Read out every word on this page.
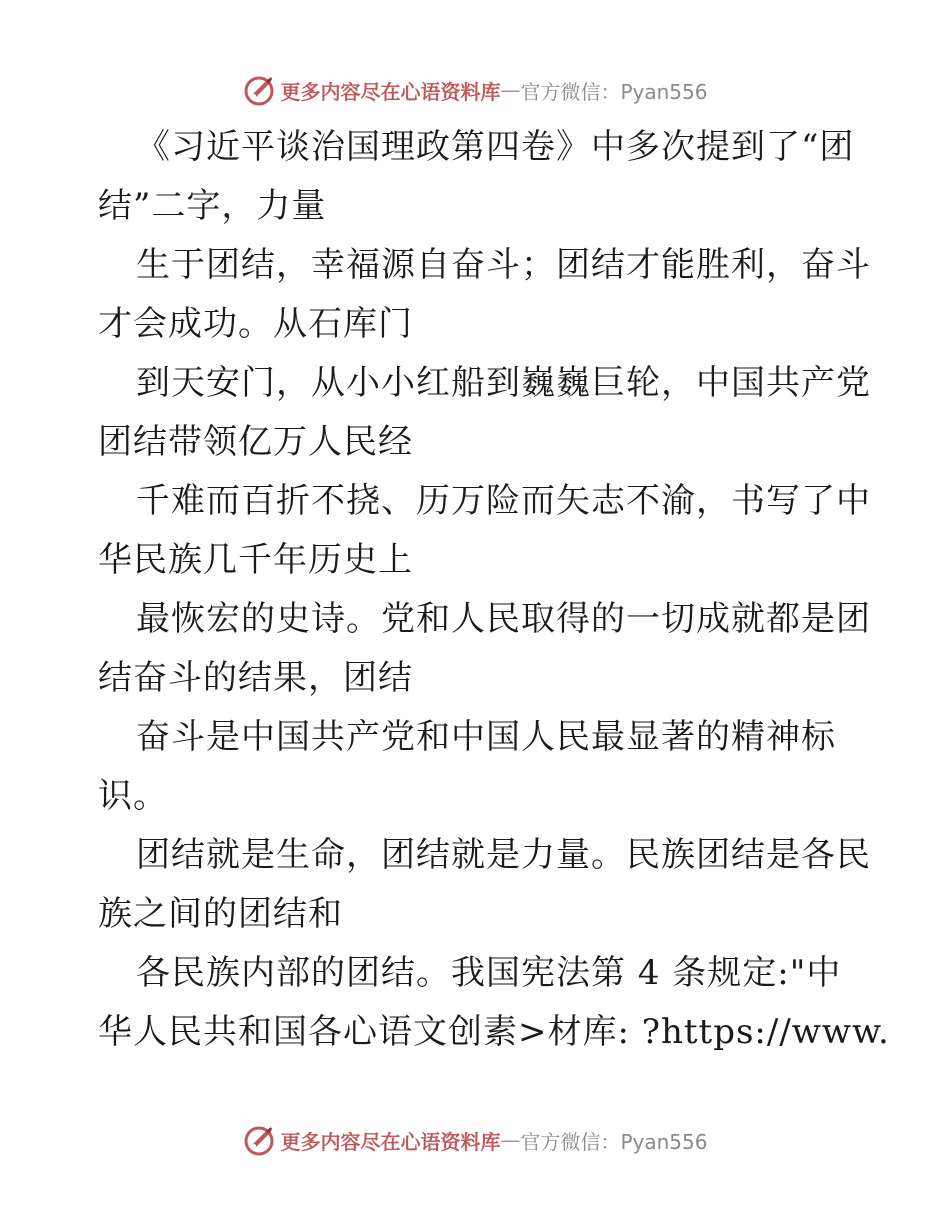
更多内容尽在心语资料库 — 官方微信：Pyan556
《习近平谈治国理政第四卷》中多次提到了“团
结”二字，力量
生于团结，幸福源自奋斗；团结才能胜利，奋斗
才会成功。从石库门
到天安门，从小小红船到巍巍巨轮，中国共产党
团结带领亿万人民经
千难而百折不挠、历万险而矢志不渝，书写了中
华民族几千年历史上
最恢宏的史诗。党和人民取得的一切成就都是团
结奋斗的结果，团结
奋斗是中国共产党和中国人民最显著的精神标
识。
团结就是生命，团结就是力量。民族团结是各民
族之间的团结和
各民族内部的团结。我国宪法第 4 条规定:"中
华人民共和国各心语文创素>材库: ?https://www.
更多内容尽在心语资料库 — 官方微信：Pyan556
